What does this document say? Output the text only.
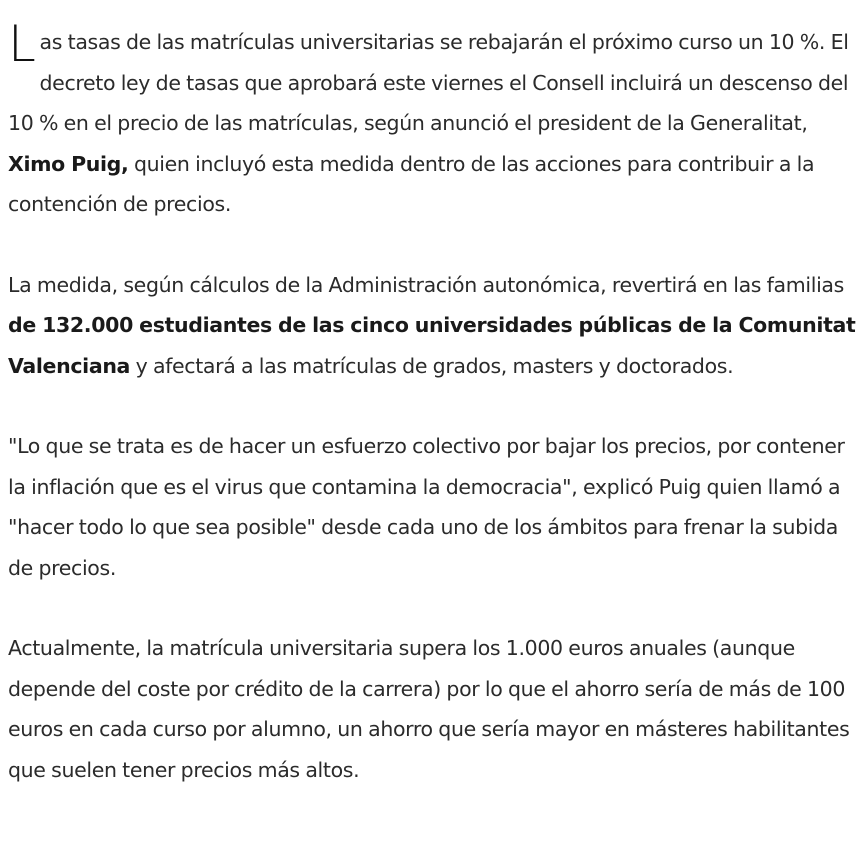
Las tasas de las matrículas universitarias se rebajarán el próximo curso un 10 %. El decreto ley de tasas que aprobará este viernes el Consell incluirá un descenso del 10 % en el precio de las matrículas, según anunció el president de la Generalitat, Ximo Puig, quien incluyó esta medida dentro de las acciones para contribuir a la contención de precios.

La medida, según cálculos de la Administración autonómica, revertirá en las familias de 132.000 estudiantes de las cinco universidades públicas de la Comunitat Valenciana y afectará a las matrículas de grados, masters y doctorados.

"Lo que se trata es de hacer un esfuerzo colectivo por bajar los precios, por contener la inflación que es el virus que contamina la democracia", explicó Puig quien llamó a "hacer todo lo que sea posible" desde cada uno de los ámbitos para frenar la subida de precios.

Actualmente, la matrícula universitaria supera los 1.000 euros anuales (aunque depende del coste por crédito de la carrera) por lo que el ahorro sería de más de 100 euros en cada curso por alumno, un ahorro que sería mayor en másteres habilitantes que suelen tener precios más altos.
